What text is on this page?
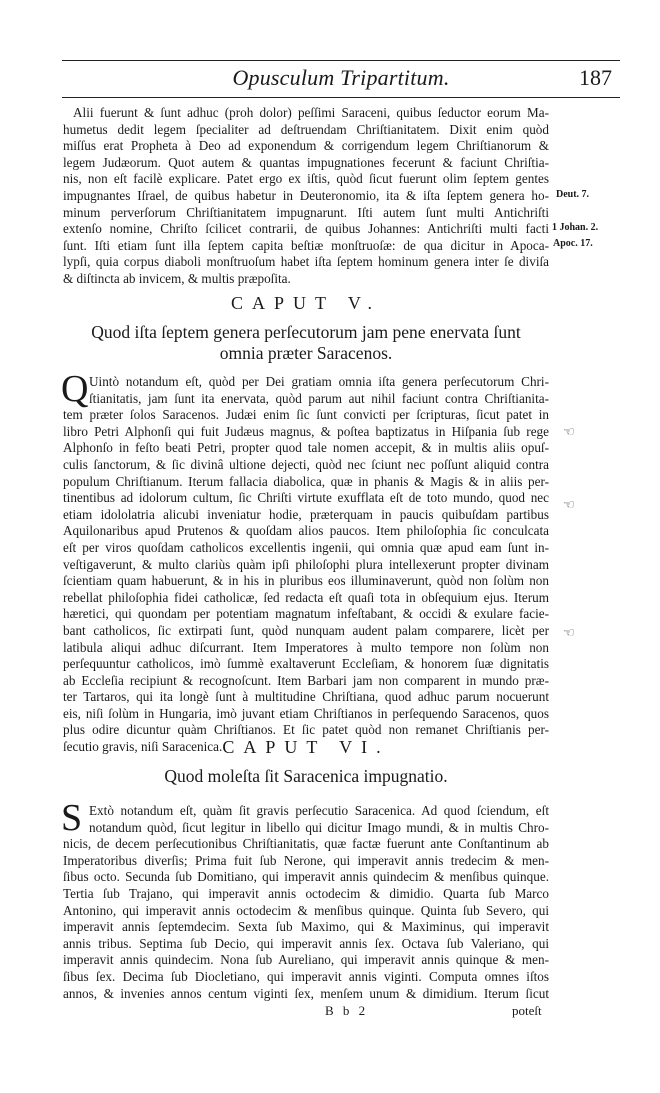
Opusculum Tripartitum.	187
Alii fuerunt & ſunt adhuc (proh dolor) peſſimi Saraceni, quibus ſeductor eorum Ma-
humetus dedit legem ſpecialiter ad deſtruendam Chriſtianitatem. Dixit enim quòd
miſſus erat Propheta à Deo ad exponendum & corrigendum legem Chriſtianorum &
legem Judæorum. Quot autem & quantas impugnationes fecerunt & faciunt Chriſtia-
nis, non eſt facilè explicare. Patet ergo ex iſtis, quòd ſicut fuerunt olim ſeptem gentes
impugnantes Iſrael, de quibus habetur in Deuteronomio, ita & iſta ſeptem genera ho-
minum perverſorum Chriſtianitatem impugnarunt. Iſti autem ſunt multi Antichriſti
extenſo nomine, Chriſto ſcilicet contrarii, de quibus Johannes: Antichriſti multi facti
ſunt. Iſti etiam ſunt illa ſeptem capita beſtiæ monſtruoſæ: de qua dicitur in Apoca-
lypſi, quia corpus diaboli monſtruoſum habet iſta ſeptem hominum genera inter ſe diviſa
& diſtincta ab invicem, & multis præpoſita.
Deut. 7.
1 Johan. 2.
Apoc. 17.
CAPUT V.
Quod iſta ſeptem genera perſecutorum jam pene enervata ſunt
omnia præter Saracenos.
Q Uintò notandum eſt, quòd per Dei gratiam omnia iſta genera perſecutorum Chri-
ſtianitatis, jam ſunt ita enervata, quòd parum aut nihil faciunt contra Chriſtianita-
tem præter ſolos Saracenos. Judæi enim ſic ſunt convicti per ſcripturas, ſicut patet in
libro Petri Alphonſi qui fuit Judæus magnus, & poſtea baptizatus in Hiſpania ſub rege
Alphonſo in feſto beati Petri, propter quod tale nomen accepit, & in multis aliis opuſ-
culis ſanctorum, & ſic divinâ ultione dejecti, quòd nec ſciunt nec poſſunt aliquid contra
populum Chriſtianum. Iterum fallacia diabolica, quæ in phanis & Magis & in aliis per-
tinentibus ad idolorum cultum, ſic Chriſti virtute exufflata eſt de toto mundo, quod nec
etiam idololatria alicubi inveniatur hodie, præterquam in paucis quibuſdam partibus
Aquilonaribus apud Prutenos & quoſdam alios paucos. Item philoſophia ſic conculcata
eſt per viros quoſdam catholicos excellentis ingenii, qui omnia quæ apud eam ſunt in-
veſtigaverunt, & multo clariùs quàm ipſi philoſophi plura intellexerunt propter divinam
ſcientiam quam habuerunt, & in his in pluribus eos illuminaverunt, quòd non ſolùm non
rebellat philoſophia fidei catholicæ, ſed redacta eſt quaſi tota in obſequium ejus. Iterum
hæretici, qui quondam per potentiam magnatum infeſtabant, & occidi & exulare facie-
bant catholicos, ſic extirpati ſunt, quòd nunquam audent palam comparere, licèt per
latibula aliqui adhuc diſcurrant. Item Imperatores à multo tempore non ſolùm non
perſequuntur catholicos, imò ſummè exaltaverunt Eccleſiam, & honorem ſuæ dignitatis
ab Eccleſia recipiunt & recognoſcunt. Item Barbari jam non comparent in mundo præ-
ter Tartaros, qui ita longè ſunt à multitudine Chriſtiana, quod adhuc parum nocuerunt
eis, niſi ſolùm in Hungaria, imò juvant etiam Chriſtianos in perſequendo Saracenos, quos
plus odire dicuntur quàm Chriſtianos. Et ſic patet quòd non remanet Chriſtianis per-
ſecutio gravis, niſi Saracenica.
☜
☜
☜
CAPUT VI.
Quod moleſta ſit Saracenica impugnatio.
S Extò notandum eſt, quàm ſit gravis perſecutio Saracenica. Ad quod ſciendum, eſt
notandum quòd, ſicut legitur in libello qui dicitur Imago mundi, & in multis Chro-
nicis, de decem perſecutionibus Chriſtianitatis, quæ factæ fuerunt ante Conſtantinum ab
Imperatoribus diverſis; Prima fuit ſub Nerone, qui imperavit annis tredecim & men-
ſibus octo. Secunda ſub Domitiano, qui imperavit annis quindecim & menſibus quinque.
Tertia ſub Trajano, qui imperavit annis octodecim & dimidio. Quarta ſub Marco
Antonino, qui imperavit annis octodecim & menſibus quinque. Quinta ſub Severo, qui
imperavit annis ſeptemdecim. Sexta ſub Maximo, qui & Maximinus, qui imperavit
annis tribus. Septima ſub Decio, qui imperavit annis ſex. Octava ſub Valeriano, qui
imperavit annis quindecim. Nona ſub Aureliano, qui imperavit annis quinque & men-
ſibus ſex. Decima ſub Diocletiano, qui imperavit annis viginti. Computa omnes iſtos
annos, & invenies annos centum viginti ſex, menſem unum & dimidium. Iterum ſicut
B b 2	poteſt
